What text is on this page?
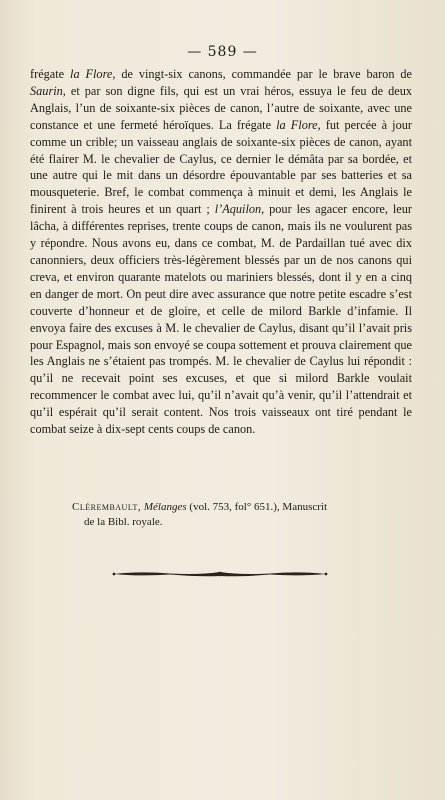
— 589 —

frégate la Flore, de vingt-six canons, commandée par le brave baron de Saurin, et par son digne fils, qui est un vrai héros, essuya le feu de deux Anglais, l’un de soixante-six pièces de canon, l’autre de soixante, avec une constance et une fermeté héroïques. La frégate la Flore, fut percée à jour comme un crible; un vaisseau anglais de soixante-six pièces de canon, ayant été flairer M. le chevalier de Caylus, ce dernier le démâta par sa bordée, et une autre qui le mit dans un désordre épouvantable par ses batteries et sa mousqueterie. Bref, le combat commença à minuit et demi, les Anglais le finirent à trois heures et un quart ; l’Aquilon, pour les agacer encore, leur lâcha, à différentes reprises, trente coups de canon, mais ils ne voulurent pas y répondre. Nous avons eu, dans ce combat, M. de Pardaillan tué avec dix canonniers, deux officiers très-légèrement blessés par un de nos canons qui creva, et environ quarante matelots ou mariniers blessés, dont il y en a cinq en danger de mort. On peut dire avec assurance que notre petite escadre s’est couverte d’honneur et de gloire, et celle de milord Barkle d’infamie. Il envoya faire des excuses à M. le chevalier de Caylus, disant qu’il l’avait pris pour Espagnol, mais son envoyé se coupa sottement et prouva clairement que les Anglais ne s’étaient pas trompés. M. le chevalier de Caylus lui répondit : qu’il ne recevait point ses excuses, et que si milord Barkle voulait recommencer le combat avec lui, qu’il n’avait qu’à venir, qu’il l’attendrait et qu’il espérait qu’il serait content. Nos trois vaisseaux ont tiré pendant le combat seize à dix-sept cents coups de canon.

Clérembault, Mélanges (vol. 753, fol° 651.), Manuscrit
de la Bibl. royale.
